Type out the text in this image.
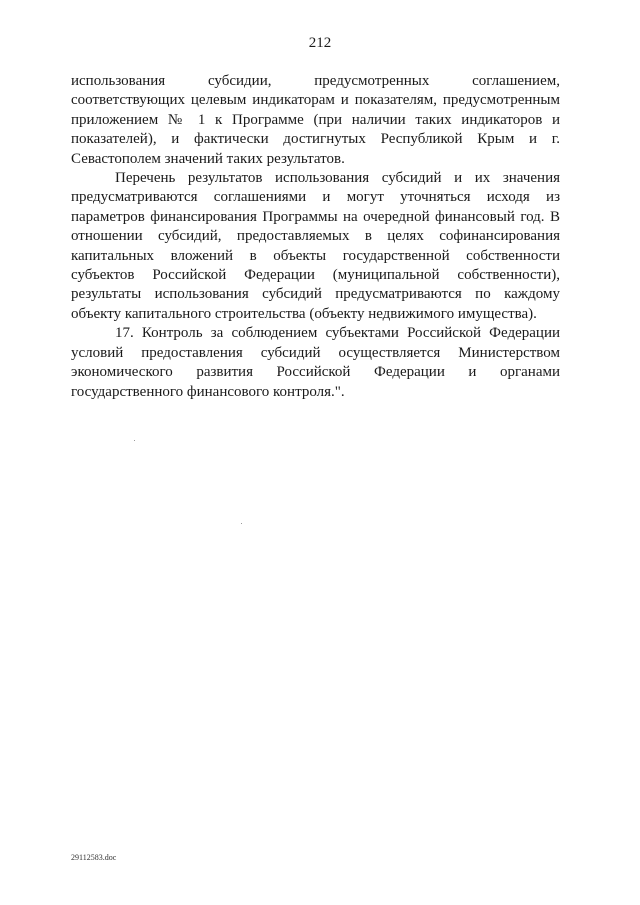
212

использования субсидии, предусмотренных соглашением, соответствующих целевым индикаторам и показателям, предусмотренным приложением № 1 к Программе (при наличии таких индикаторов и показателей), и фактически достигнутых Республикой Крым и г. Севастополем значений таких результатов.

Перечень результатов использования субсидий и их значения предусматриваются соглашениями и могут уточняться исходя из параметров финансирования Программы на очередной финансовый год. В отношении субсидий, предоставляемых в целях софинансирования капитальных вложений в объекты государственной собственности субъектов Российской Федерации (муниципальной собственности), результаты использования субсидий предусматриваются по каждому объекту капитального строительства (объекту недвижимого имущества).

17. Контроль за соблюдением субъектами Российской Федерации условий предоставления субсидий осуществляется Министерством экономического развития Российской Федерации и органами государственного финансового контроля.".

29112583.doc
